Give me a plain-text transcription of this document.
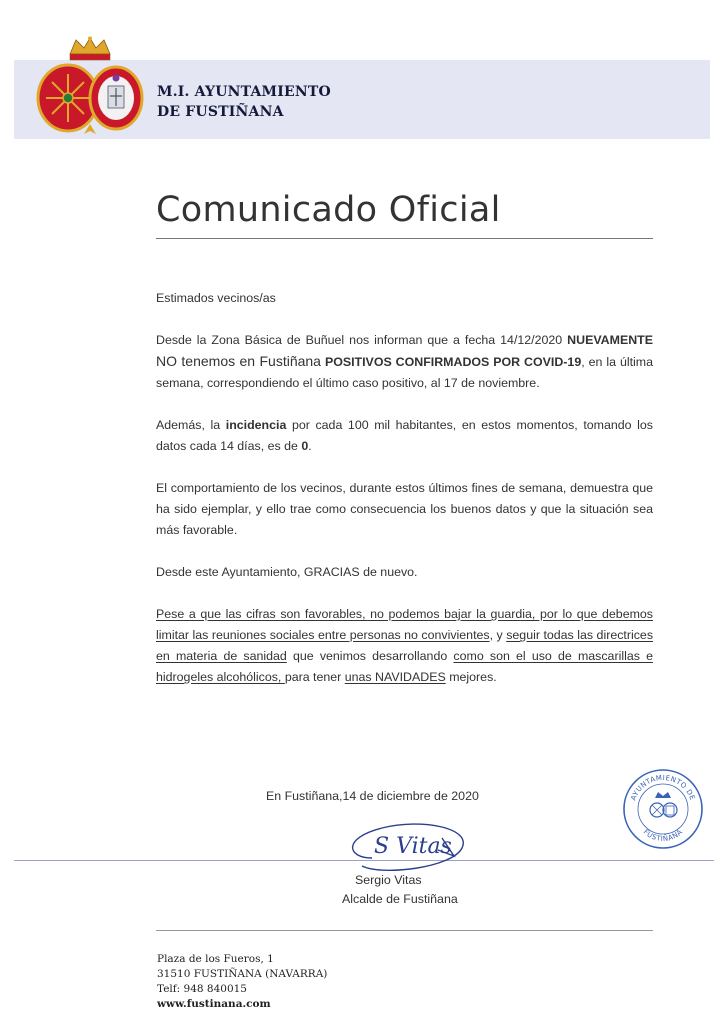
M.I. AYUNTAMIENTO
DE FUSTIÑANA
Comunicado Oficial

Estimados vecinos/as

Desde la Zona Básica de Buñuel nos informan que a fecha 14/12/2020 NUEVAMENTE NO tenemos en Fustiñana POSITIVOS CONFIRMADOS POR COVID-19, en la última semana, correspondiendo el último caso positivo, al 17 de noviembre.

Además, la incidencia por cada 100 mil habitantes, en estos momentos, tomando los datos cada 14 días, es de 0.

El comportamiento de los vecinos, durante estos últimos fines de semana, demuestra que ha sido ejemplar, y ello trae como consecuencia los buenos datos y que la situación sea más favorable.

Desde este Ayuntamiento, GRACIAS de nuevo.

Pese a que las cifras son favorables, no podemos bajar la guardia, por lo que debemos limitar las reuniones sociales entre personas no convivientes, y seguir todas las directrices en materia de sanidad que venimos desarrollando como son el uso de mascarillas e hidrogeles alcohólicos, para tener unas NAVIDADES mejores.

En Fustiñana,14 de diciembre de 2020
S Vitas
Sergio Vitas
Alcalde de Fustiñana
AYUNTAMIENTO DE
FUSTIÑANA
Plaza de los Fueros, 1
31510 FUSTIÑANA (NAVARRA)
Telf: 948 840015
www.fustinana.com
